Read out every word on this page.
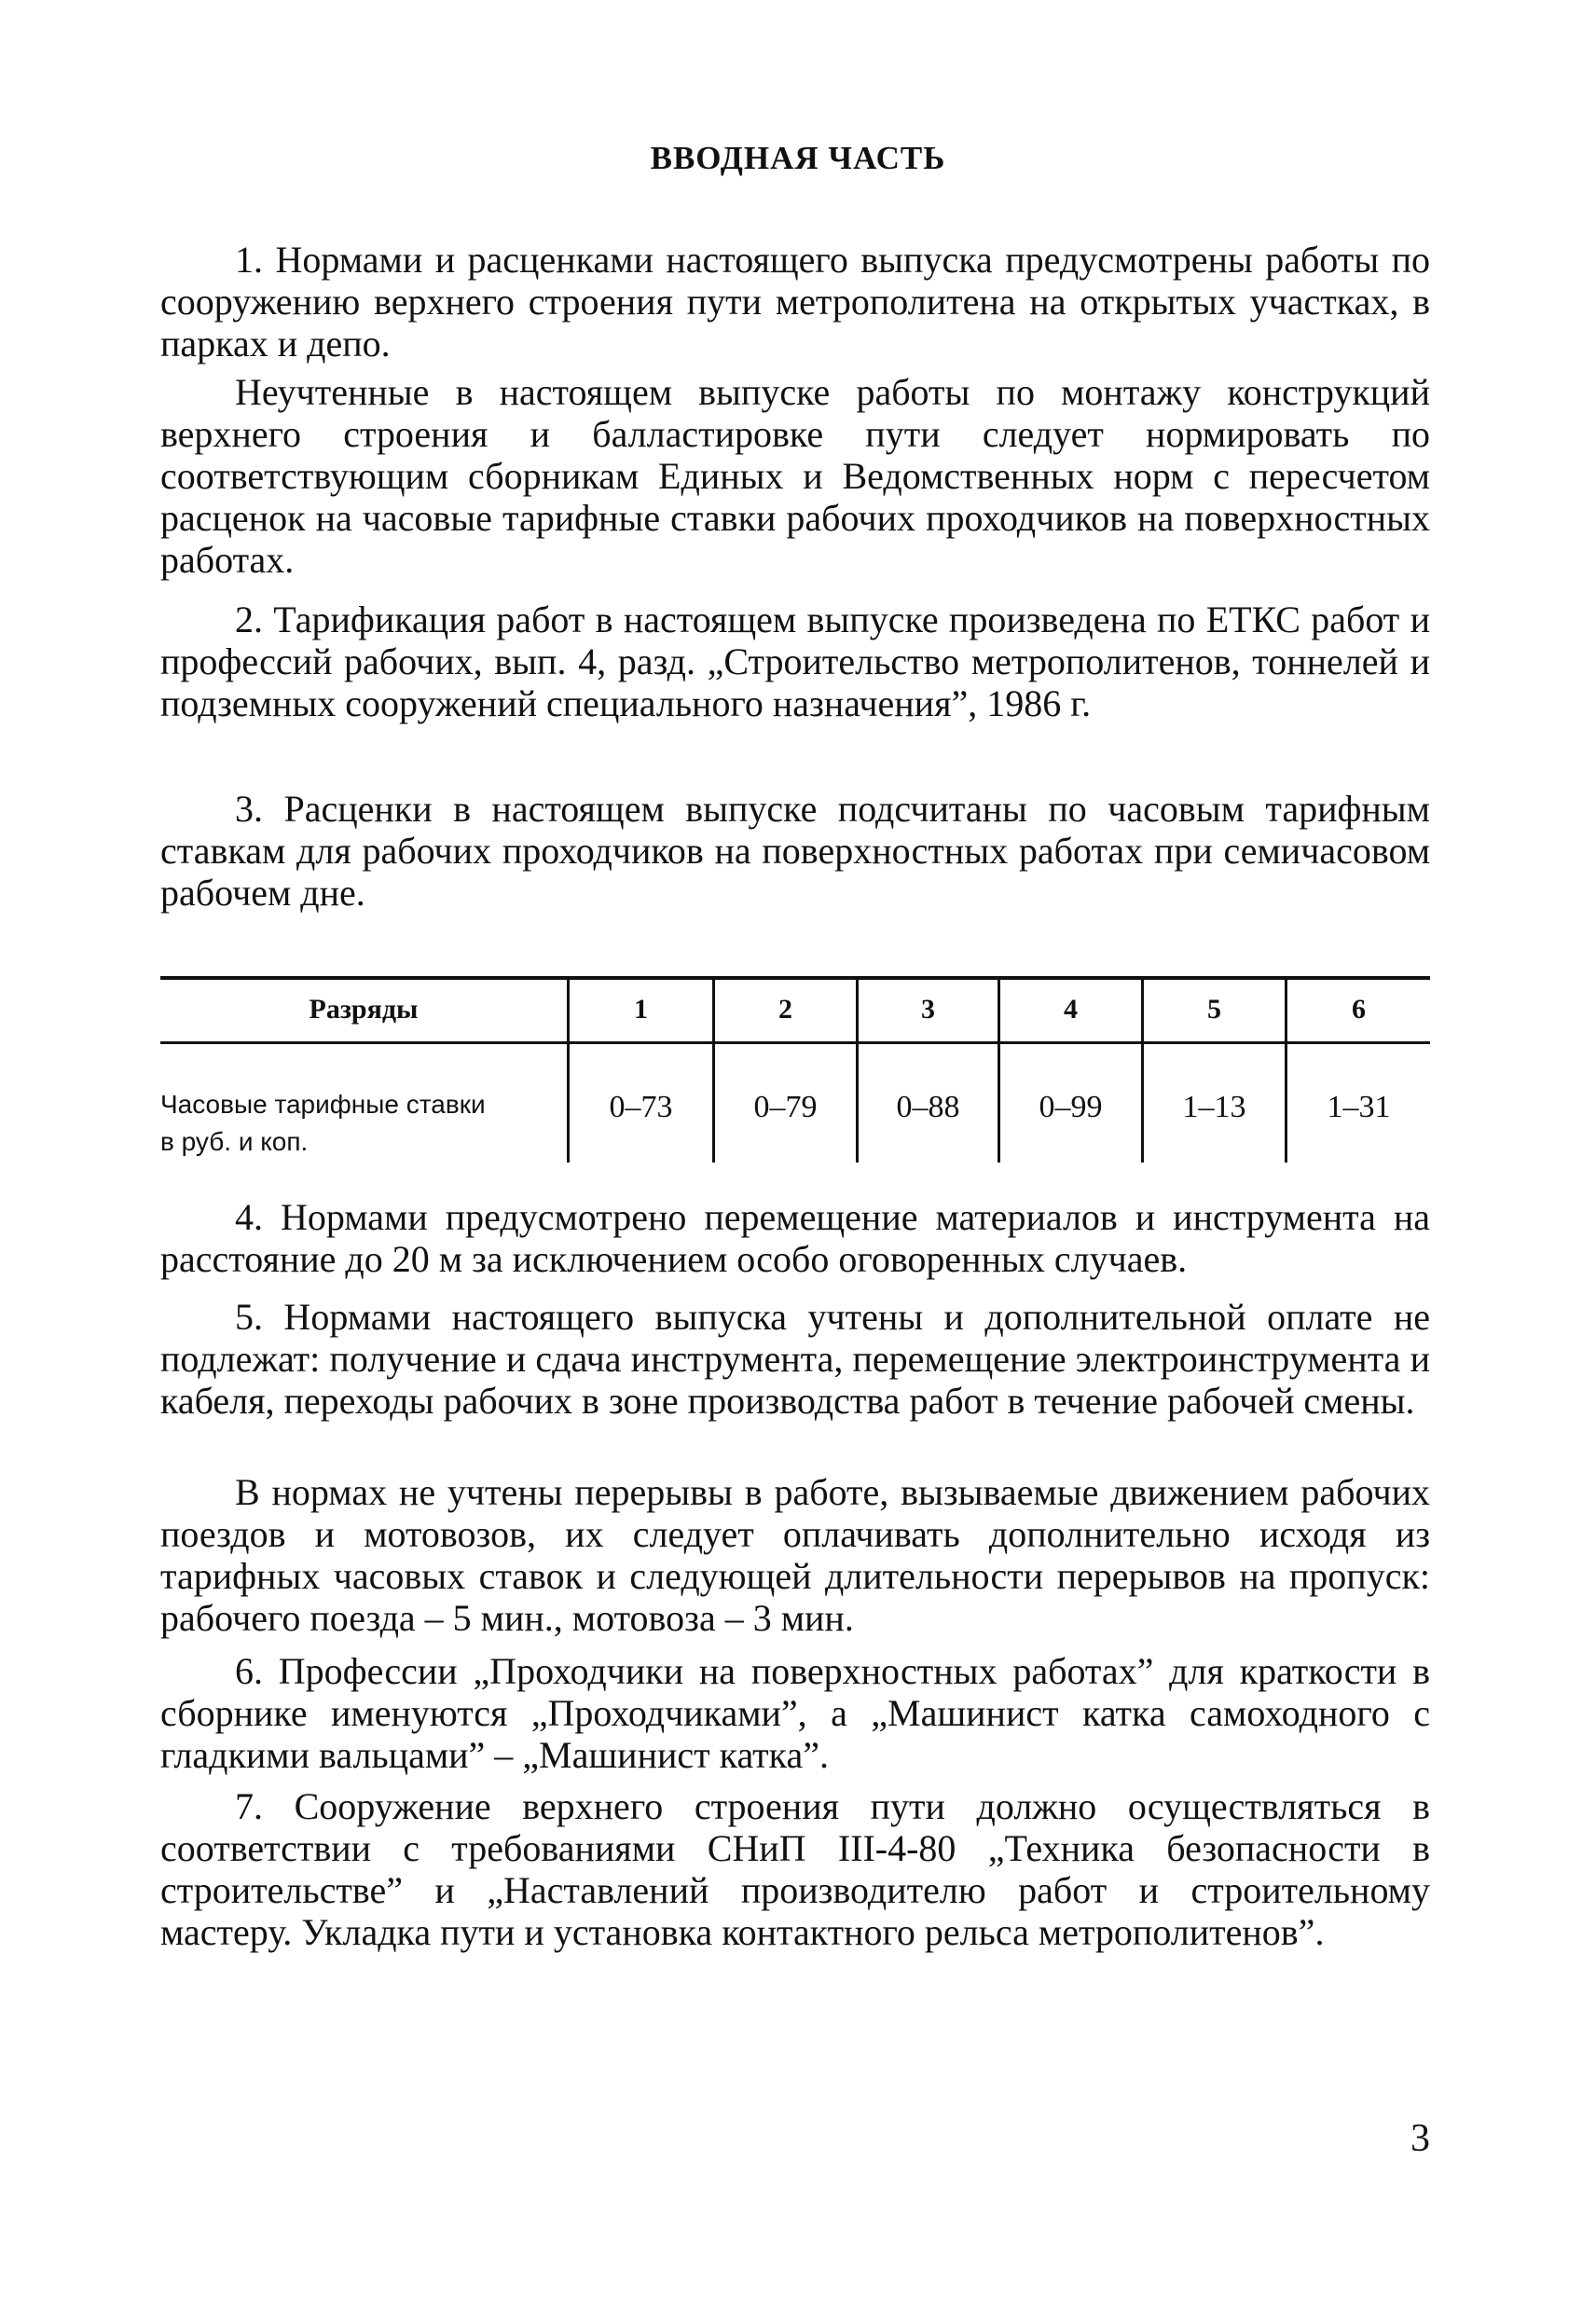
ВВОДНАЯ ЧАСТЬ

1. Нормами и расценками настоящего выпуска предусмотрены работы по сооружению верхнего строения пути метрополитена на открытых участках, в парках и депо.

Неучтенные в настоящем выпуске работы по монтажу конструкций верхнего строения и балластировке пути следует нормировать по соответствующим сборникам Единых и Ведомственных норм с пересчетом расценок на часовые тарифные ставки рабочих проходчиков на поверхностных работах.

2. Тарификация работ в настоящем выпуске произведена по ЕТКС работ и профессий рабочих, вып. 4, разд. „Строительство метрополитенов, тоннелей и подземных сооружений специального назначения”, 1986 г.

3. Расценки в настоящем выпуске подсчитаны по часовым тарифным ставкам для рабочих проходчиков на поверхностных работах при семичасовом рабочем дне.

Разряды	1	2	3	4	5	6
Часовые тарифные ставки
в руб. и коп.
0–73	0–79	0–88	0–99	1–13	1–31

4. Нормами предусмотрено перемещение материалов и инструмента на расстояние до 20 м за исключением особо оговоренных случаев.

5. Нормами настоящего выпуска учтены и дополнительной оплате не подлежат: получение и сдача инструмента, перемещение электроинструмента и кабеля, переходы рабочих в зоне производства работ в течение рабочей смены.

В нормах не учтены перерывы в работе, вызываемые движением рабочих поездов и мотовозов, их следует оплачивать дополнительно исходя из тарифных часовых ставок и следующей длительности перерывов на пропуск: рабочего поезда – 5 мин., мотовоза – 3 мин.

6. Профессии „Проходчики на поверхностных работах” для краткости в сборнике именуются „Проходчиками”, а „Машинист катка самоходного с гладкими вальцами” – „Машинист катка”.

7. Сооружение верхнего строения пути должно осуществляться в соответствии с требованиями СНиП III-4-80 „Техника безопасности в строительстве” и „Наставлений производителю работ и строительному мастеру. Укладка пути и установка контактного рельса метрополитенов”.

3
